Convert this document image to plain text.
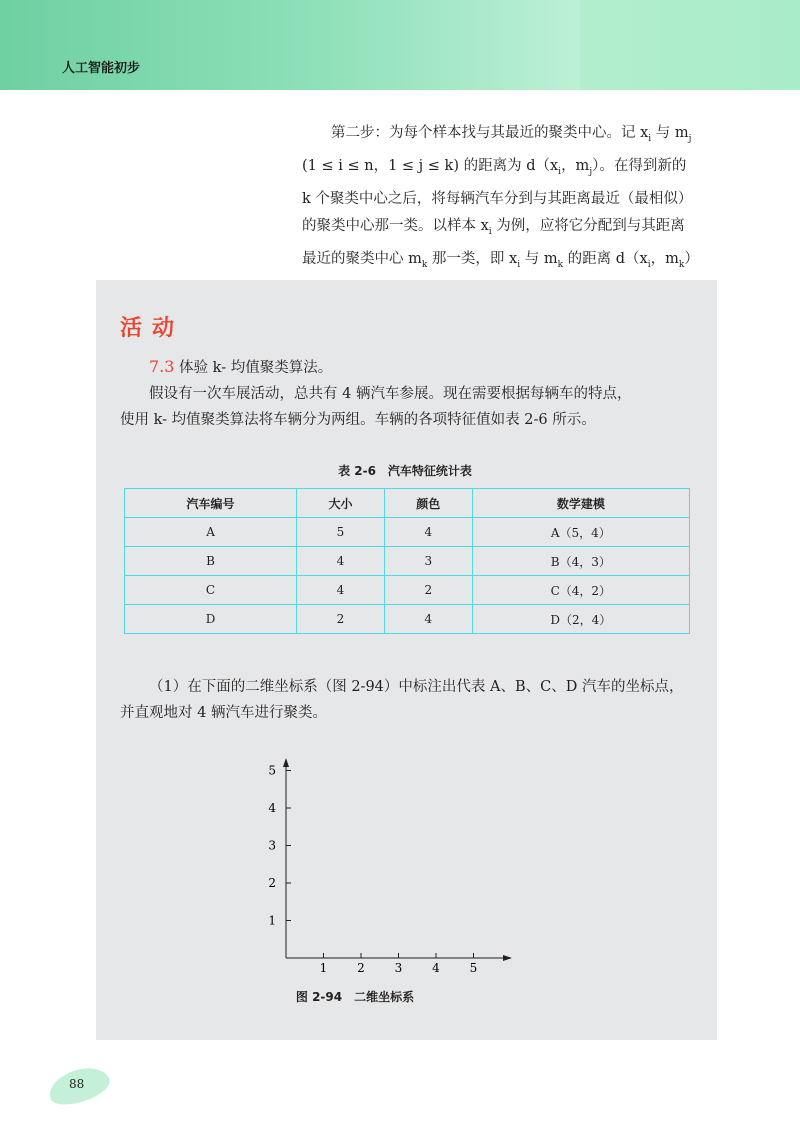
人工智能初步

第二步：为每个样本找与其最近的聚类中心。记 $x_i$ 与 $m_j$

(1 ≤ i ≤ n，1 ≤ j ≤ k) 的距离为 $d(x_i$，$m_j$）。在得到新的

k 个聚类中心之后，将每辆汽车分到与其距离最近（最相似）

的聚类中心那一类。以样本 $x_i$ 为例，应将它分配到与其距离

最近的聚类中心 $m_k$ 那一类，即 $x_i$ 与 $m_k$ 的距离 $d(x_i$，$m_k$）

活动

7.3 体验 k- 均值聚类算法。

假设有一次车展活动，总共有 4 辆汽车参展。现在需要根据每辆车的特点，

使用 k- 均值聚类算法将车辆分为两组。车辆的各项特征值如表 2-6 所示。

表 2-6　汽车特征统计表
汽车编号	大小	颜色	数学建模
A	5	4	A（5，4）
B	4	3	B（4，3）
C	4	2	C（4，2）
D	2	4	D（2，4）

（1）在下面的二维坐标系（图 2-94）中标注出代表 A、B、C、D 汽车的坐标点，

并直观地对 4 辆汽车进行聚类。

1 2 3 4 5
1
2
3
4
5
图 2-94　二维坐标系
88
